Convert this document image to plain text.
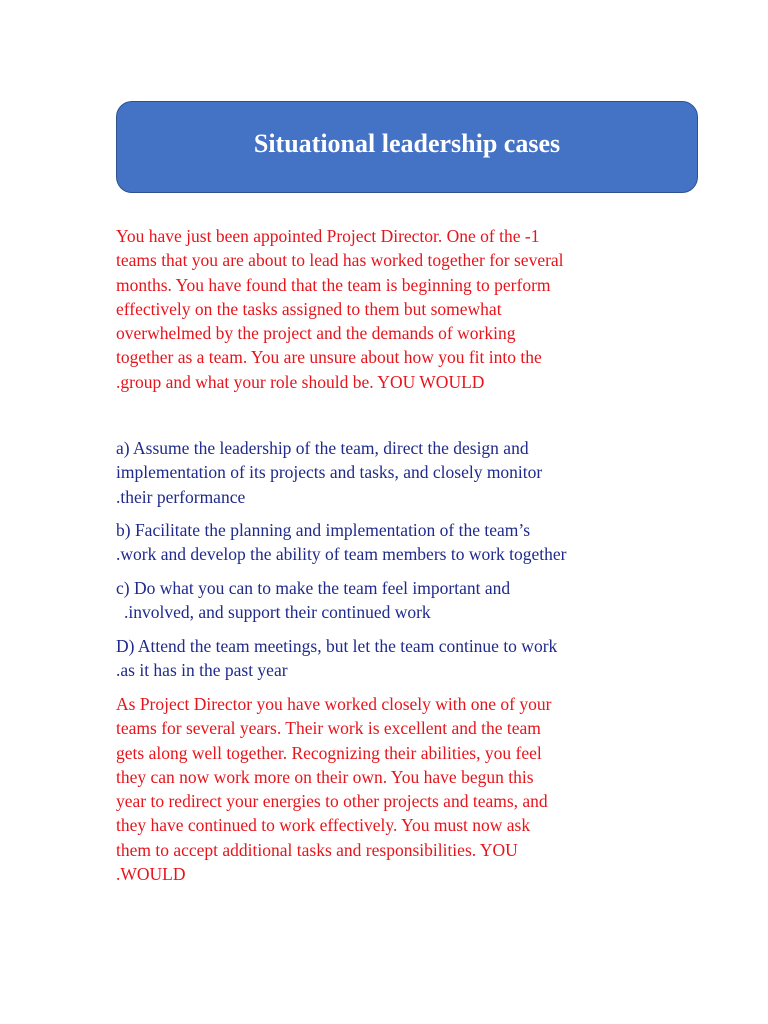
Situational leadership cases

You have just been appointed Project Director. One of the -1
teams that you are about to lead has worked together for several
months. You have found that the team is beginning to perform
effectively on the tasks assigned to them but somewhat
overwhelmed by the project and the demands of working
together as a team. You are unsure about how you fit into the
.group and what your role should be. YOU WOULD

a) Assume the leadership of the team, direct the design and
implementation of its projects and tasks, and closely monitor
.their performance

b) Facilitate the planning and implementation of the team’s
.work and develop the ability of team members to work together

c) Do what you can to make the team feel important and
.involved, and support their continued work

D) Attend the team meetings, but let the team continue to work
.as it has in the past year

As Project Director you have worked closely with one of your
teams for several years. Their work is excellent and the team
gets along well together. Recognizing their abilities, you feel
they can now work more on their own. You have begun this
year to redirect your energies to other projects and teams, and
they have continued to work effectively. You must now ask
them to accept additional tasks and responsibilities. YOU
.WOULD
